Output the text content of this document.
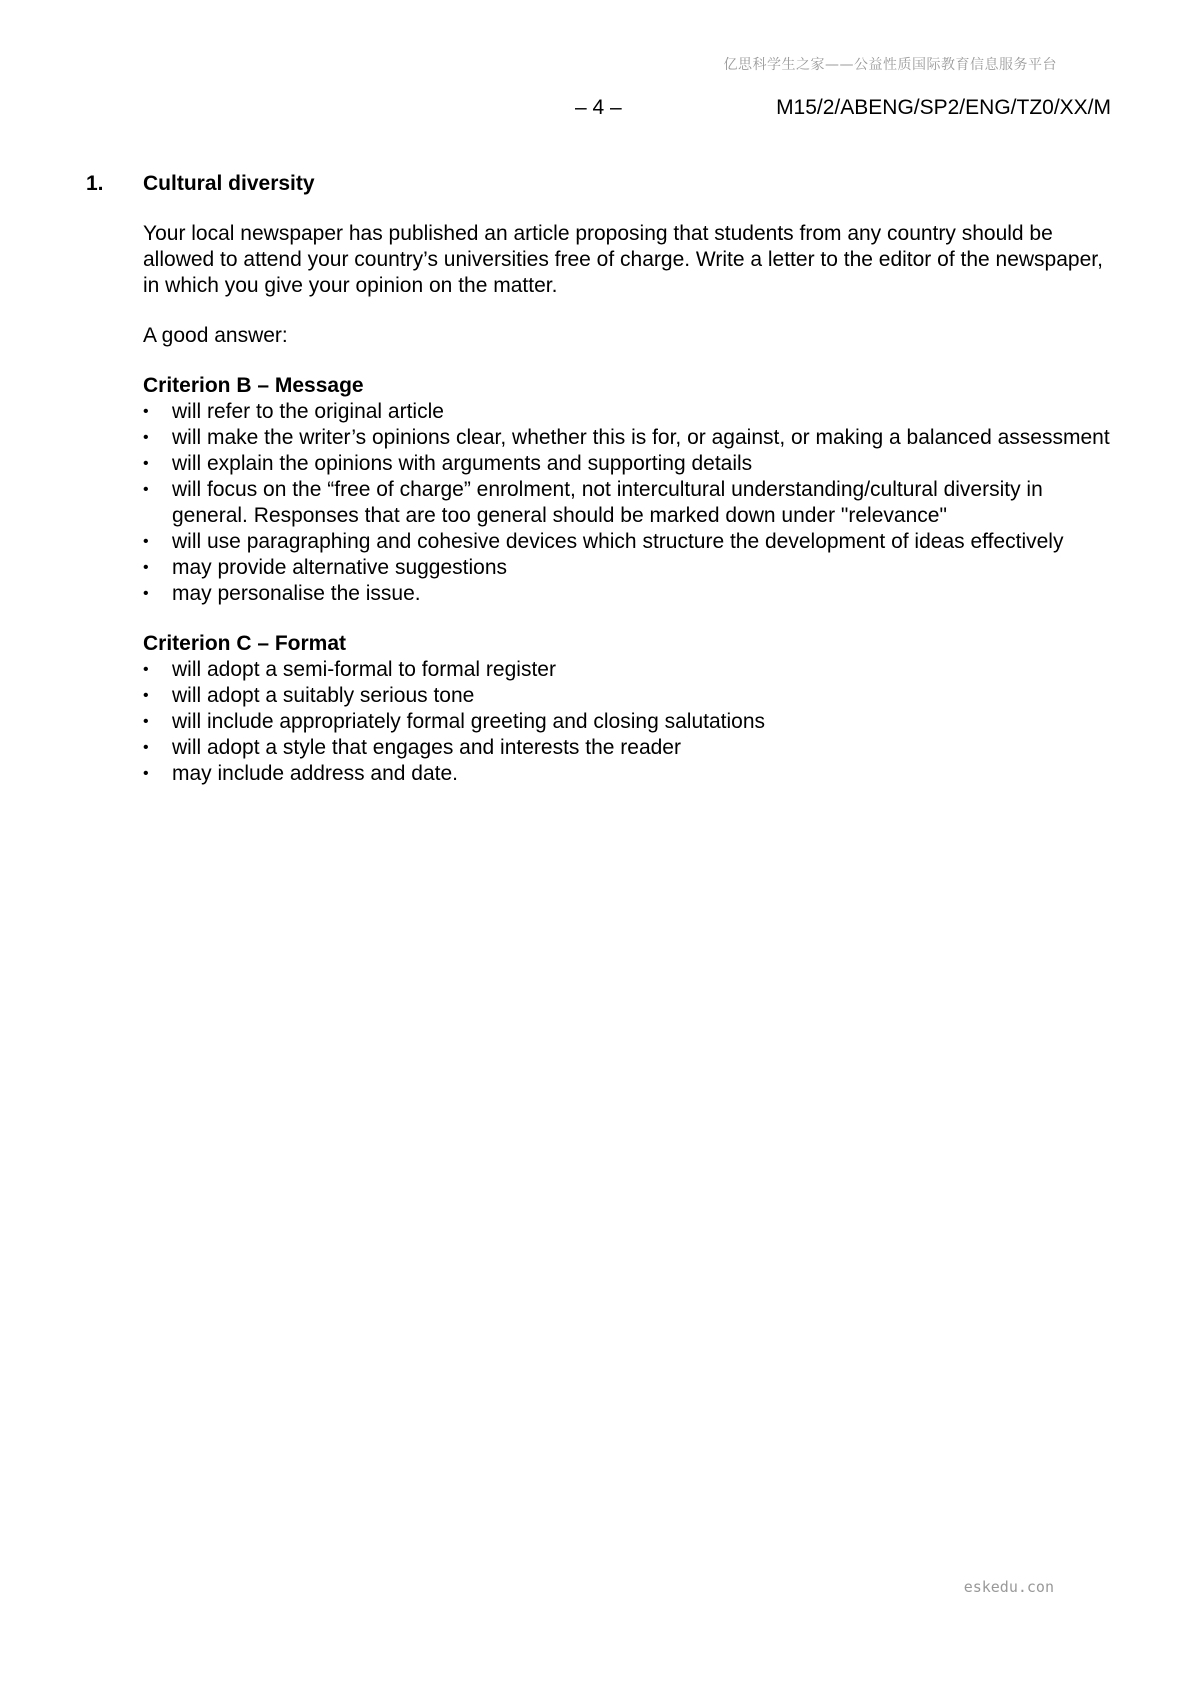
亿思科学生之家——公益性质国际教育信息服务平台
– 4 –	M15/2/ABENG/SP2/ENG/TZ0/XX/M
1.	Cultural diversity

Your local newspaper has published an article proposing that students from any country should be allowed to attend your country’s universities free of charge. Write a letter to the editor of the newspaper, in which you give your opinion on the matter.

A good answer:

Criterion B – Message
•	will refer to the original article
•	will make the writer’s opinions clear, whether this is for, or against, or making a balanced assessment
•	will explain the opinions with arguments and supporting details
•	will focus on the “free of charge” enrolment, not intercultural understanding/cultural diversity in general. Responses that are too general should be marked down under "relevance"
•	will use paragraphing and cohesive devices which structure the development of ideas effectively
•	may provide alternative suggestions
•	may personalise the issue.
Criterion C – Format
•	will adopt a semi-formal to formal register
•	will adopt a suitably serious tone
•	will include appropriately formal greeting and closing salutations
•	will adopt a style that engages and interests the reader
•	may include address and date.
eskedu.con
